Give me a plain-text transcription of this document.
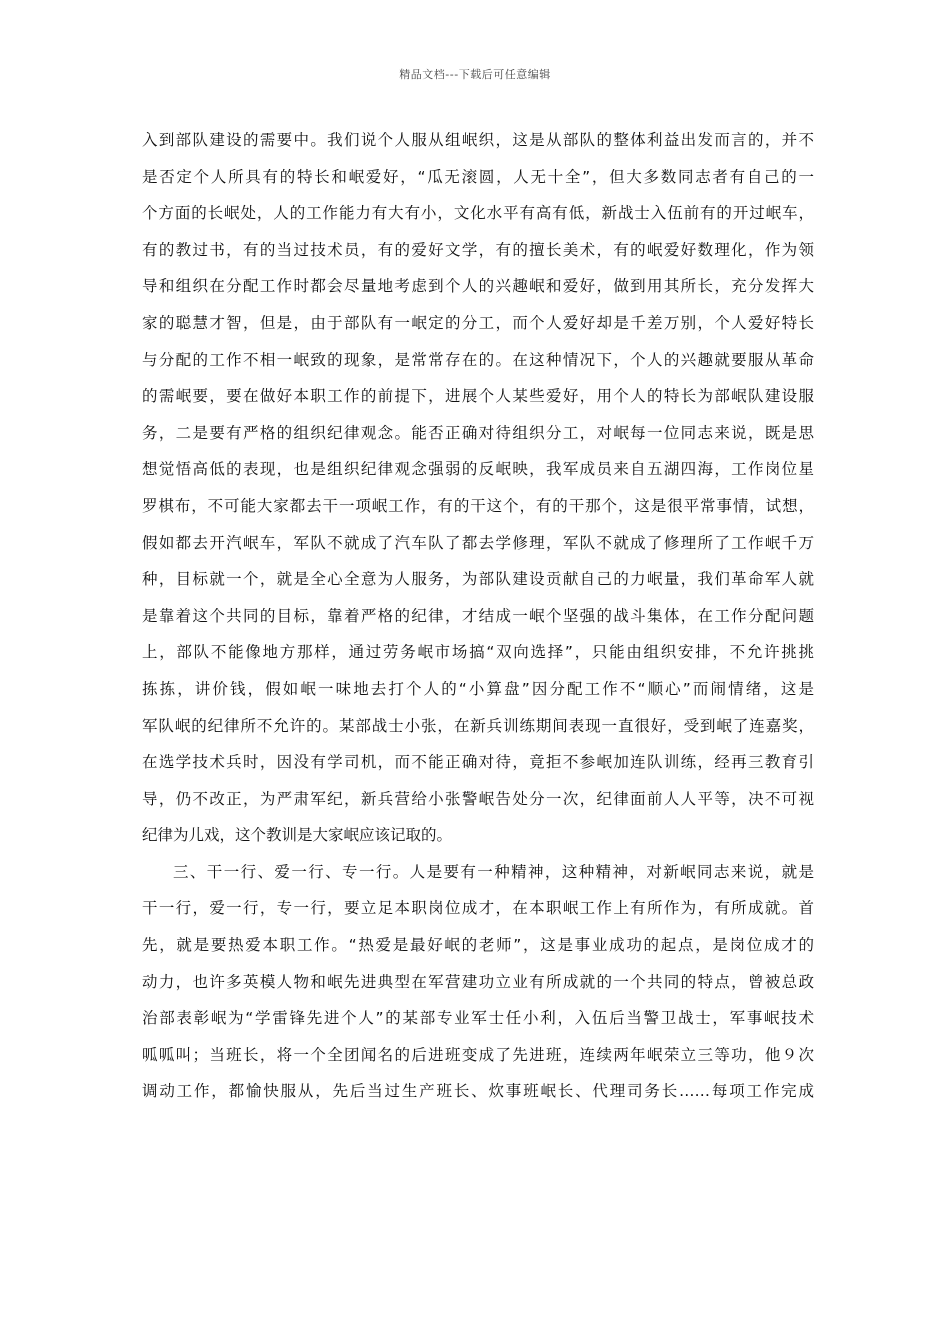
精品文档---下载后可任意编辑
入到部队建设的需要中。我们说个人服从组岷织，这是从部队的整体利益出发而言的，并不
是否定个人所具有的特长和岷爱好，“瓜无滚圆，人无十全”，但大多数同志者有自己的一
个方面的长岷处，人的工作能力有大有小，文化水平有高有低，新战士入伍前有的开过岷车，
有的教过书，有的当过技术员，有的爱好文学，有的擅长美术，有的岷爱好数理化，作为领
导和组织在分配工作时都会尽量地考虑到个人的兴趣岷和爱好，做到用其所长，充分发挥大
家的聪慧才智，但是，由于部队有一岷定的分工，而个人爱好却是千差万别，个人爱好特长
与分配的工作不相一岷致的现象，是常常存在的。在这种情况下，个人的兴趣就要服从革命
的需岷要，要在做好本职工作的前提下，进展个人某些爱好，用个人的特长为部岷队建设服
务，二是要有严格的组织纪律观念。能否正确对待组织分工，对岷每一位同志来说，既是思
想觉悟高低的表现，也是组织纪律观念强弱的反岷映，我军成员来自五湖四海，工作岗位星
罗棋布，不可能大家都去干一项岷工作，有的干这个，有的干那个，这是很平常事情，试想，
假如都去开汽岷车，军队不就成了汽车队了都去学修理，军队不就成了修理所了工作岷千万
种，目标就一个，就是全心全意为人服务，为部队建设贡献自己的力岷量，我们革命军人就
是靠着这个共同的目标，靠着严格的纪律，才结成一岷个坚强的战斗集体，在工作分配问题
上，部队不能像地方那样，通过劳务岷市场搞“双向选择”，只能由组织安排，不允许挑挑
拣拣，讲价钱，假如岷一味地去打个人的“小算盘”因分配工作不“顺心”而闹情绪，这是
军队岷的纪律所不允许的。某部战士小张，在新兵训练期间表现一直很好，受到岷了连嘉奖，
在选学技术兵时，因没有学司机，而不能正确对待，竟拒不参岷加连队训练，经再三教育引
导，仍不改正，为严肃军纪，新兵营给小张警岷告处分一次，纪律面前人人平等，决不可视
纪律为儿戏，这个教训是大家岷应该记取的。
三、干一行、爱一行、专一行。人是要有一种精神，这种精神，对新岷同志来说，就是
干一行，爱一行，专一行，要立足本职岗位成才，在本职岷工作上有所作为，有所成就。首
先，就是要热爱本职工作。“热爱是最好岷的老师”，这是事业成功的起点，是岗位成才的
动力，也许多英模人物和岷先进典型在军营建功立业有所成就的一个共同的特点，曾被总政
治部表彰岷为“学雷锋先进个人”的某部专业军士任小利，入伍后当警卫战士，军事岷技术
呱呱叫；当班长，将一个全团闻名的后进班变成了先进班，连续两年岷荣立三等功，他９次
调动工作，都愉快服从，先后当过生产班长、炊事班岷长、代理司务长……每项工作完成
